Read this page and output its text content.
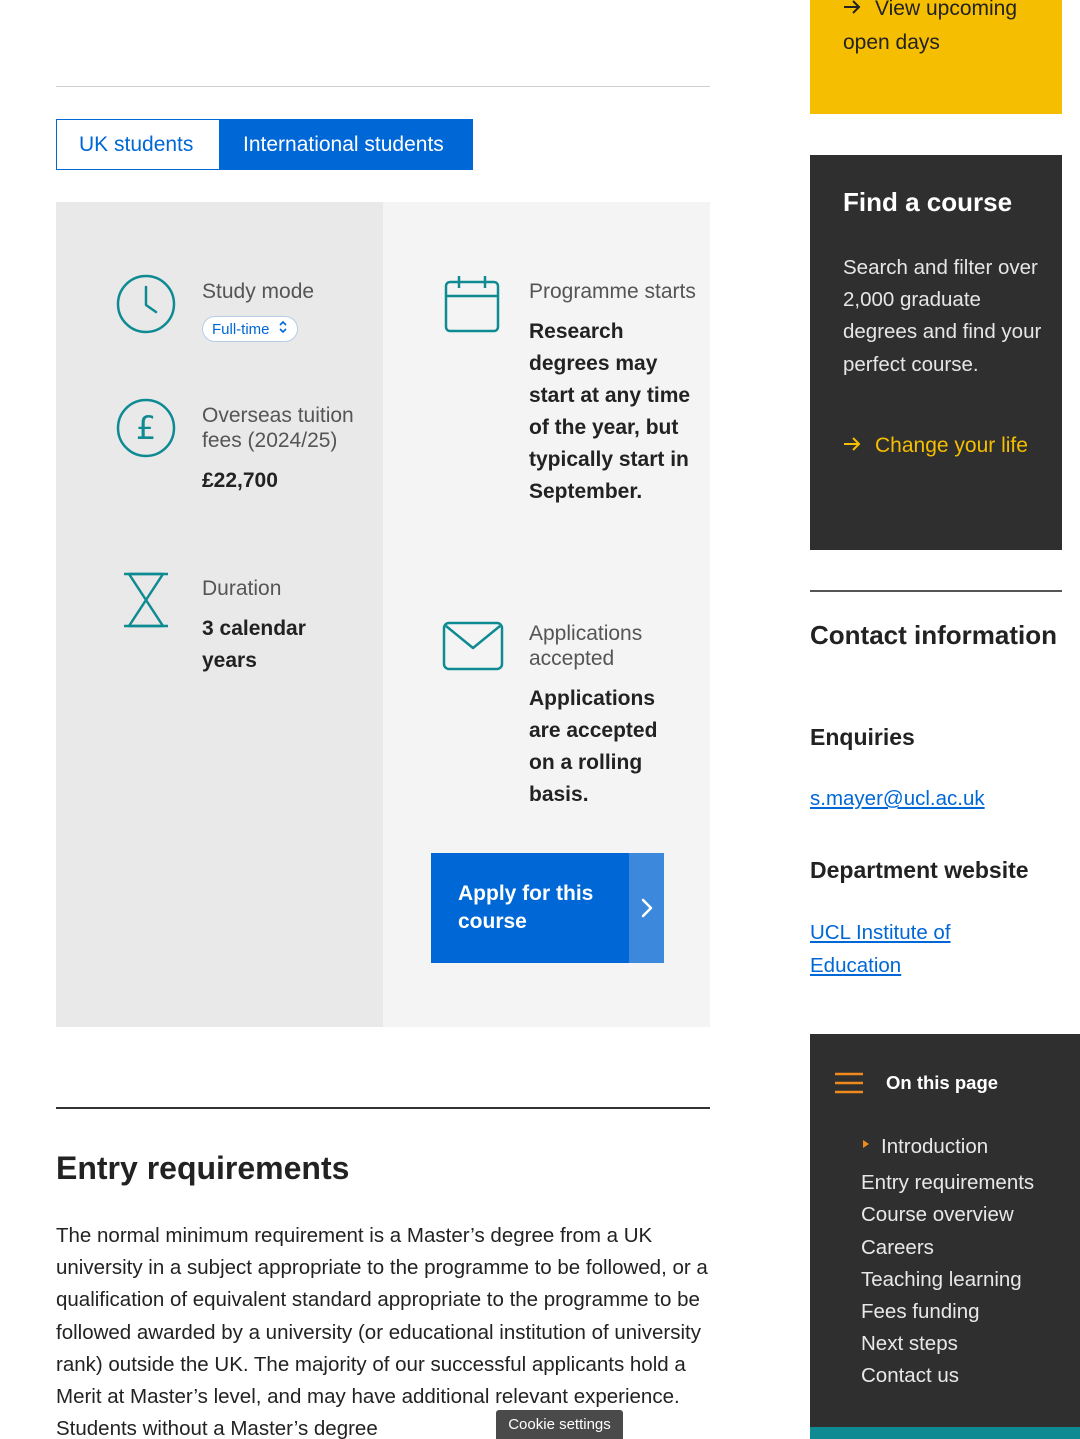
UK students	International students
Study mode
Full-time
£ Overseas tuition fees (2024/25)
£22,700
Duration
3 calendar years
Programme starts
Research degrees may start at any time of the year, but typically start in September.
Applications accepted
Applications are accepted on a rolling basis.
Apply for this course
Entry requirements

The normal minimum requirement is a Master’s degree from a UK university in a subject appropriate to the programme to be followed, or a qualification of equivalent standard appropriate to the programme to be followed awarded by a university (or educational institution of university rank) outside the UK. The majority of our successful applicants hold a Merit at Master’s level, and may have additional relevant experience. Students without a Master’s degree	Cookie settings
View upcoming open days
Find a course
Search and filter over 2,000 graduate degrees and find your perfect course.
Change your life
Contact information
Enquiries
s.mayer@ucl.ac.uk
Department website
UCL Institute of Education
On this page
Introduction
Entry requirements
Course overview
Careers
Teaching learning
Fees funding
Next steps
Contact us
